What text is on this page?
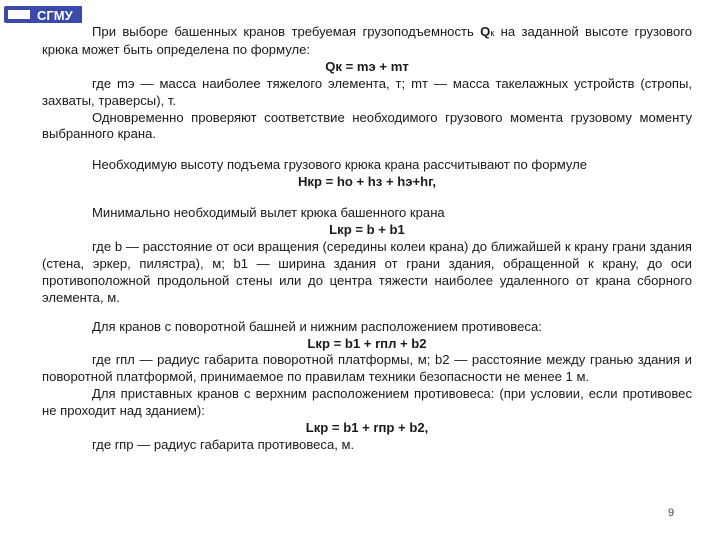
СГМУ

При выборе башенных кранов требуемая грузоподъемность Qк на заданной высоте грузового крюка может быть определена по формуле:

Qк = mэ + mт

где mэ — масса наиболее тяжелого элемента, т; mт — масса такелажных устройств (стропы, захваты, траверсы), т.

Одновременно проверяют соответствие необходимого грузового момента грузовому моменту выбранного крана.

Необходимую высоту подъема грузового крюка крана рассчитывают по формуле

Hкр = hо + hз + hэ+hг,

Минимально необходимый вылет крюка башенного крана

Lкр = b + b1

где b — расстояние от оси вращения (середины колеи крана) до ближайшей к крану грани здания (стена, эркер, пилястра), м; b1 — ширина здания от грани здания, обращенной к крану, до оси противоположной продольной стены или до центра тяжести наиболее удаленного от крана сборного элемента, м.

Для кранов с поворотной башней и нижним расположением противовеса:

Lкр = b1 + rпл + b2

где rпл — радиус габарита поворотной платформы, м; b2 — расстояние между гранью здания и поворотной платформой, принимаемое по правилам техники безопасности не менее 1 м.

Для приставных кранов с верхним расположением противовеса: (при условии, если противовес не проходит над зданием):

Lкр = b1 + rпр + b2,

где rпр — радиус габарита противовеса, м.

9
